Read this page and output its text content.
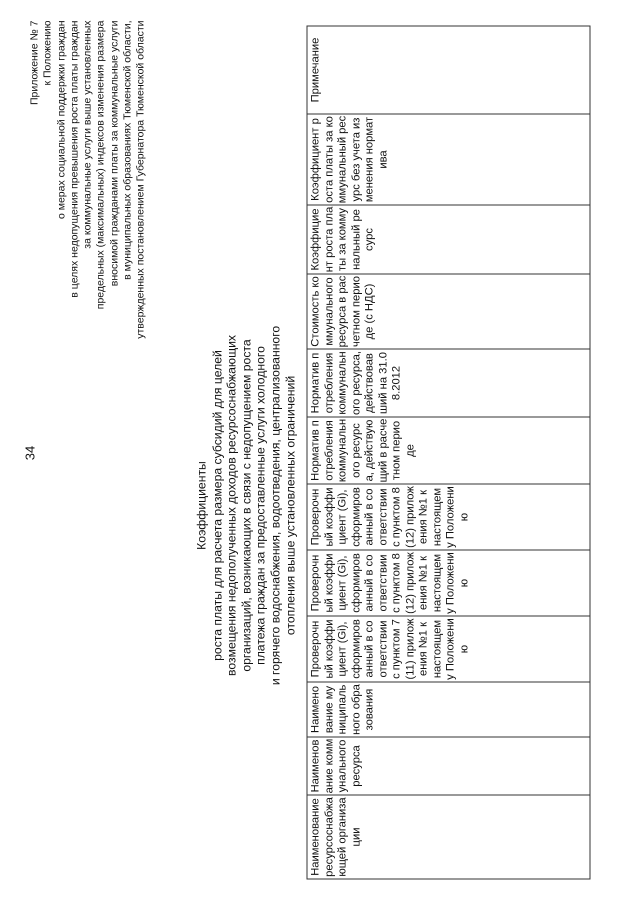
34
Приложение № 7 к Положению о мерах социальной поддержки граждан в целях недопущения превышения роста платы граждан за коммунальные услуги выше установленных предельных (максимальных) индексов изменения размера вносимой гражданами платы за коммунальные услуги в муниципальных образованиях Тюменской области, утвержденных постановлением Губернатора Тюменской области
Коэффициенты роста платы для расчета размера субсидий для целей возмещения недополученных доходов ресурсоснабжающих организаций, возникающих в связи с недопущением роста платежа граждан за предоставленные услуги холодного и горячего водоснабжения, водоотведения, централизованного отопления выше установленных ограничений
Наименование ресурсоснабжающей организации	Наименование коммунального ресурса	Наименование муниципального образования	Проверочный коэффициент (Gi), сформированный в соответствии с пунктом 7 (11) приложения №1 к настоящему Положению	Проверочный коэффициент (Gi), сформированный в соответствии с пунктом 8 (12) приложения №1 к настоящему Положению	Проверочный коэффициент (Gi), сформированный в соответствии с пунктом 8 (12) приложения №1 к настоящему Положению	Норматив потребления коммунального ресурса, действующий в расчетном периоде	Норматив потребления коммунального ресурса, действовавший на 31.08.2012	Стоимость коммунального ресурса в расчетном периоде (с НДС)	Коэффициент роста платы за коммунальный ресурс	Коэффициент роста платы за коммунальный ресурс без учета изменения норматива	Примечание
